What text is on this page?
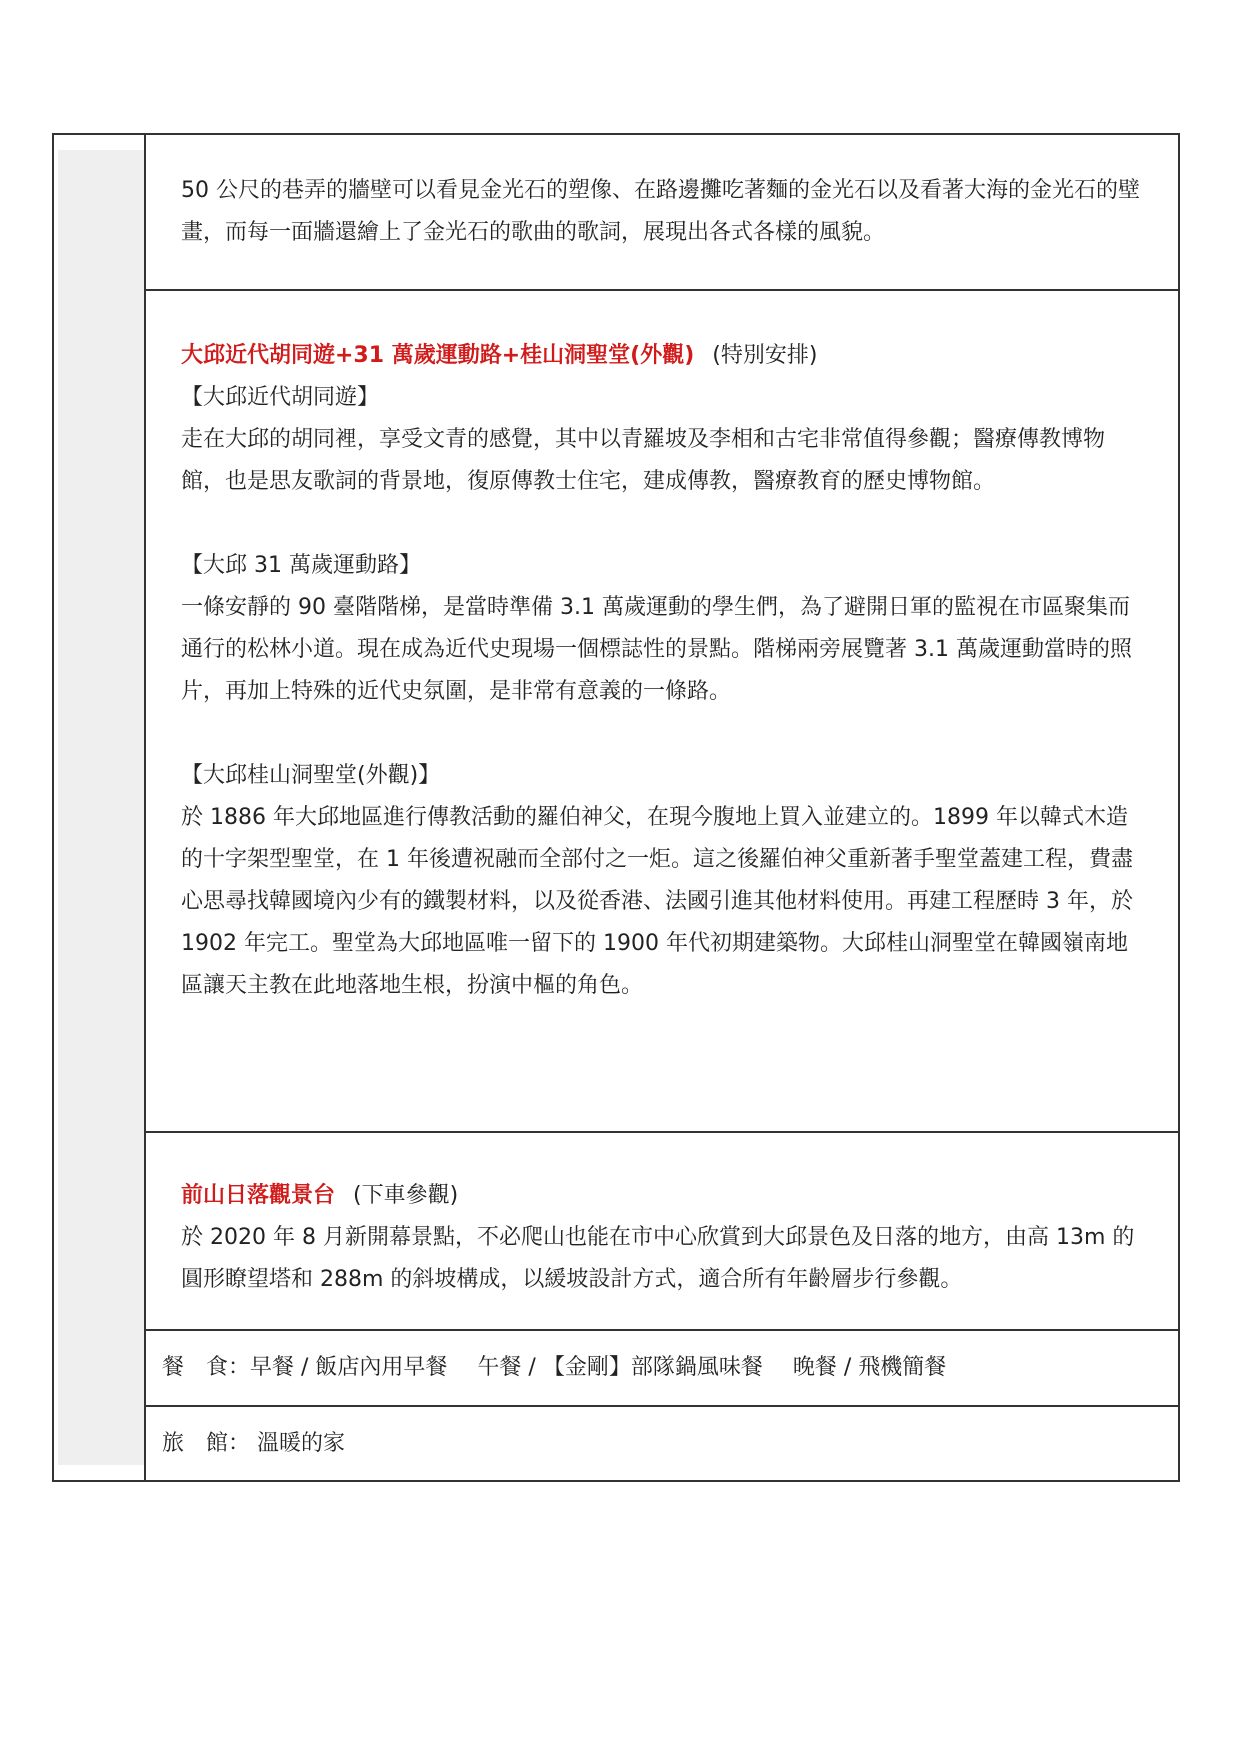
50 公尺的巷弄的牆壁可以看見金光石的塑像、在路邊攤吃著麵的金光石以及看著大海的金光石的壁畫，而每一面牆還繪上了金光石的歌曲的歌詞，展現出各式各樣的風貌。

大邱近代胡同遊+31 萬歲運動路+桂山洞聖堂(外觀) (特別安排)

【大邱近代胡同遊】

走在大邱的胡同裡，享受文青的感覺，其中以青羅坡及李相和古宅非常值得參觀；醫療傳教博物館，也是思友歌詞的背景地，復原傳教士住宅，建成傳教，醫療教育的歷史博物館。

【大邱 31 萬歲運動路】

一條安靜的 90 臺階階梯，是當時準備 3.1 萬歲運動的學生們，為了避開日軍的監視在市區聚集而通行的松林小道。現在成為近代史現場一個標誌性的景點。階梯兩旁展覽著 3.1 萬歲運動當時的照片，再加上特殊的近代史氛圍，是非常有意義的一條路。

【大邱桂山洞聖堂(外觀)】

於 1886 年大邱地區進行傳教活動的羅伯神父，在現今腹地上買入並建立的。1899 年以韓式木造的十字架型聖堂，在 1 年後遭祝融而全部付之一炬。這之後羅伯神父重新著手聖堂蓋建工程，費盡心思尋找韓國境內少有的鐵製材料，以及從香港、法國引進其他材料使用。再建工程歷時 3 年，於 1902 年完工。聖堂為大邱地區唯一留下的 1900 年代初期建築物。大邱桂山洞聖堂在韓國嶺南地區讓天主教在此地落地生根，扮演中樞的角色。

前山日落觀景台 (下車參觀)

於 2020 年 8 月新開幕景點，不必爬山也能在市中心欣賞到大邱景色及日落的地方，由高 13m 的圓形瞭望塔和 288m 的斜坡構成，以緩坡設計方式，適合所有年齡層步行參觀。

餐　食：早餐 / 飯店內用早餐 午餐 / 【金剛】部隊鍋風味餐 晚餐 / 飛機簡餐
旅　館： 溫暖的家
